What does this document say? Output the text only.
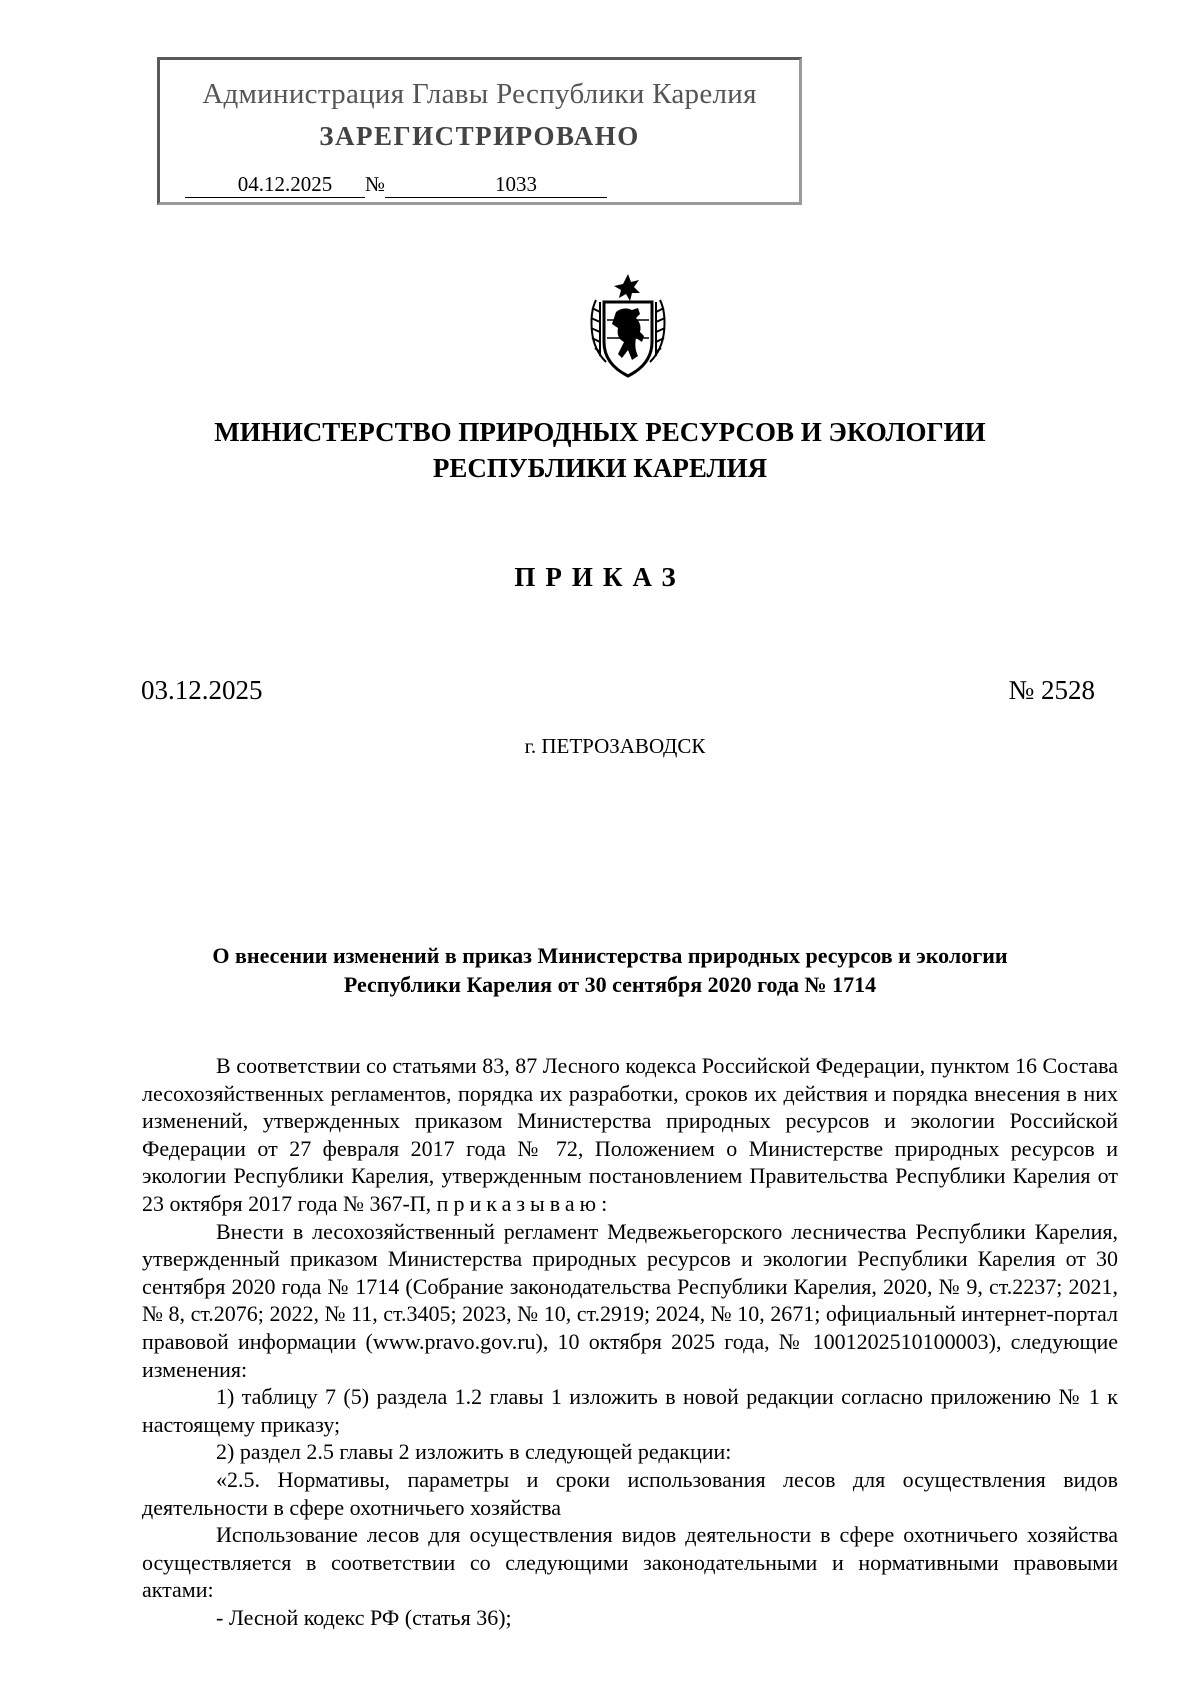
Администрация Главы Республики Карелия
ЗАРЕГИСТРИРОВАНО
04.12.2025 №	1033
МИНИСТЕРСТВО ПРИРОДНЫХ РЕСУРСОВ И ЭКОЛОГИИ
РЕСПУБЛИКИ КАРЕЛИЯ
ПРИКАЗ
03.12.2025	№ 2528
г. ПЕТРОЗАВОДСК
О внесении изменений в приказ Министерства природных ресурсов и экологии
Республики Карелия от 30 сентября 2020 года № 1714

В соответствии со статьями 83, 87 Лесного кодекса Российской Федерации, пунктом 16 Состава лесохозяйственных регламентов, порядка их разработки, сроков их действия и порядка внесения в них изменений, утвержденных приказом Министерства природных ресурсов и экологии Российской Федерации от 27 февраля 2017 года № 72, Положением о Министерстве природных ресурсов и экологии Республики Карелия, утвержденным постановлением Правительства Республики Карелия от 23 октября 2017 года № 367-П, приказываю:

Внести в лесохозяйственный регламент Медвежьегорского лесничества Республики Карелия, утвержденный приказом Министерства природных ресурсов и экологии Республики Карелия от 30 сентября 2020 года № 1714 (Собрание законодательства Республики Карелия, 2020, № 9, ст.2237; 2021, № 8, ст.2076; 2022, № 11, ст.3405; 2023, № 10, ст.2919; 2024, № 10, 2671; официальный интернет-портал правовой информации (www.pravo.gov.ru), 10 октября 2025 года, № 1001202510100003), следующие изменения:

1) таблицу 7 (5) раздела 1.2 главы 1 изложить в новой редакции согласно приложению № 1 к настоящему приказу;

2) раздел 2.5 главы 2 изложить в следующей редакции:

«2.5. Нормативы, параметры и сроки использования лесов для осуществления видов деятельности в сфере охотничьего хозяйства

Использование лесов для осуществления видов деятельности в сфере охотничьего хозяйства осуществляется в соответствии со следующими законодательными и нормативными правовыми актами:

- Лесной кодекс РФ (статья 36);
